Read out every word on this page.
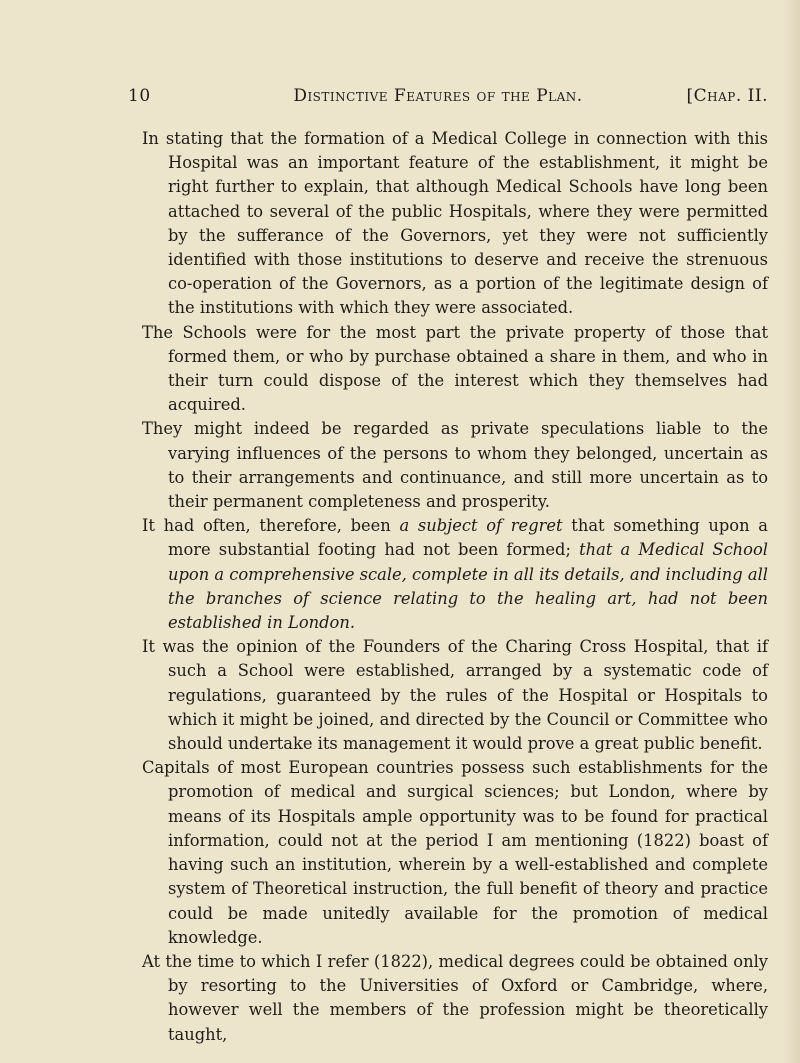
10	Distinctive Features of the Plan.	[Chap. II.

In stating that the formation of a Medical College in connection with this Hospital was an important feature of the establishment, it might be right further to explain, that although Medical Schools have long been attached to several of the public Hospitals, where they were permitted by the sufferance of the Governors, yet they were not sufficiently identified with those institutions to deserve and receive the strenuous co-operation of the Governors, as a portion of the legitimate design of the institutions with which they were associated.

The Schools were for the most part the private property of those that formed them, or who by purchase obtained a share in them, and who in their turn could dispose of the interest which they themselves had acquired.

They might indeed be regarded as private speculations liable to the varying influences of the persons to whom they belonged, uncertain as to their arrangements and continuance, and still more uncertain as to their permanent completeness and prosperity.

It had often, therefore, been a subject of regret that something upon a more substantial footing had not been formed; that a Medical School upon a comprehensive scale, complete in all its details, and including all the branches of science relating to the healing art, had not been established in London.

It was the opinion of the Founders of the Charing Cross Hospital, that if such a School were established, arranged by a systematic code of regulations, guaranteed by the rules of the Hospital or Hospitals to which it might be joined, and directed by the Council or Committee who should undertake its management it would prove a great public benefit.

Capitals of most European countries possess such establishments for the promotion of medical and surgical sciences; but London, where by means of its Hospitals ample opportunity was to be found for practical information, could not at the period I am mentioning (1822) boast of having such an institution, wherein by a well-established and complete system of Theoretical instruction, the full benefit of theory and practice could be made unitedly available for the promotion of medical knowledge.

At the time to which I refer (1822), medical degrees could be obtained only by resorting to the Universities of Oxford or Cambridge, where, however well the members of the profession might be theoretically taught,
